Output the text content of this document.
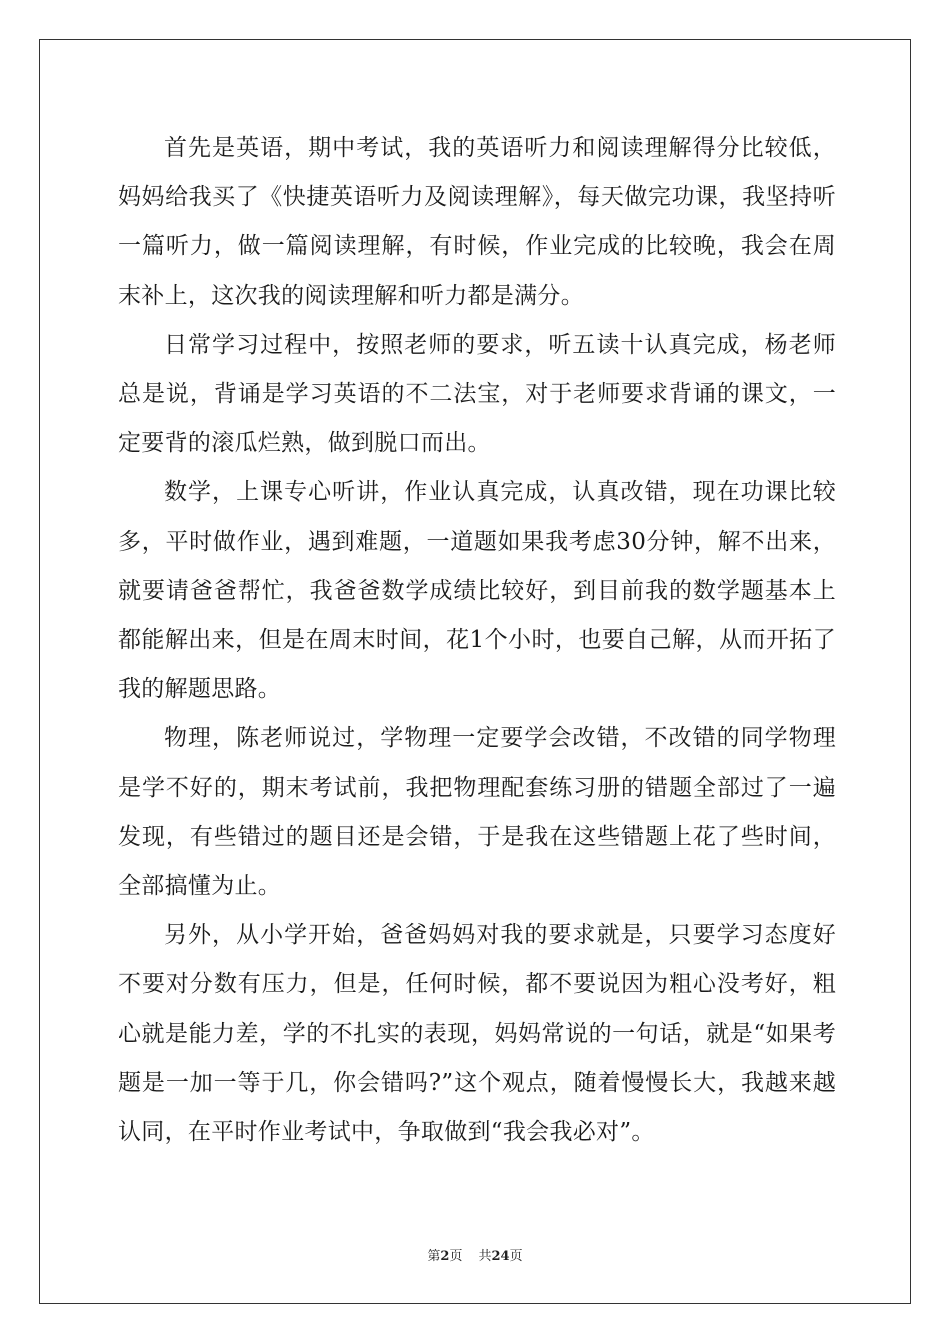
首先是英语，期中考试，我的英语听力和阅读理解得分比较低，妈妈给我买了《快捷英语听力及阅读理解》，每天做完功课，我坚持听一篇听力，做一篇阅读理解，有时候，作业完成的比较晚，我会在周末补上，这次我的阅读理解和听力都是满分。

日常学习过程中，按照老师的要求，听五读十认真完成，杨老师总是说，背诵是学习英语的不二法宝，对于老师要求背诵的课文，一定要背的滚瓜烂熟，做到脱口而出。

数学，上课专心听讲，作业认真完成，认真改错，现在功课比较多，平时做作业，遇到难题，一道题如果我考虑30分钟，解不出来，就要请爸爸帮忙，我爸爸数学成绩比较好，到目前我的数学题基本上都能解出来，但是在周末时间，花1个小时，也要自己解，从而开拓了我的解题思路。

物理，陈老师说过，学物理一定要学会改错，不改错的同学物理是学不好的，期末考试前，我把物理配套练习册的错题全部过了一遍发现，有些错过的题目还是会错，于是我在这些错题上花了些时间，全部搞懂为止。

另外，从小学开始，爸爸妈妈对我的要求就是，只要学习态度好不要对分数有压力，但是，任何时候，都不要说因为粗心没考好，粗心就是能力差，学的不扎实的表现，妈妈常说的一句话，就是“如果考题是一加一等于几，你会错吗?”这个观点，随着慢慢长大，我越来越认同，在平时作业考试中，争取做到“我会我必对”。

第2页 共24页
